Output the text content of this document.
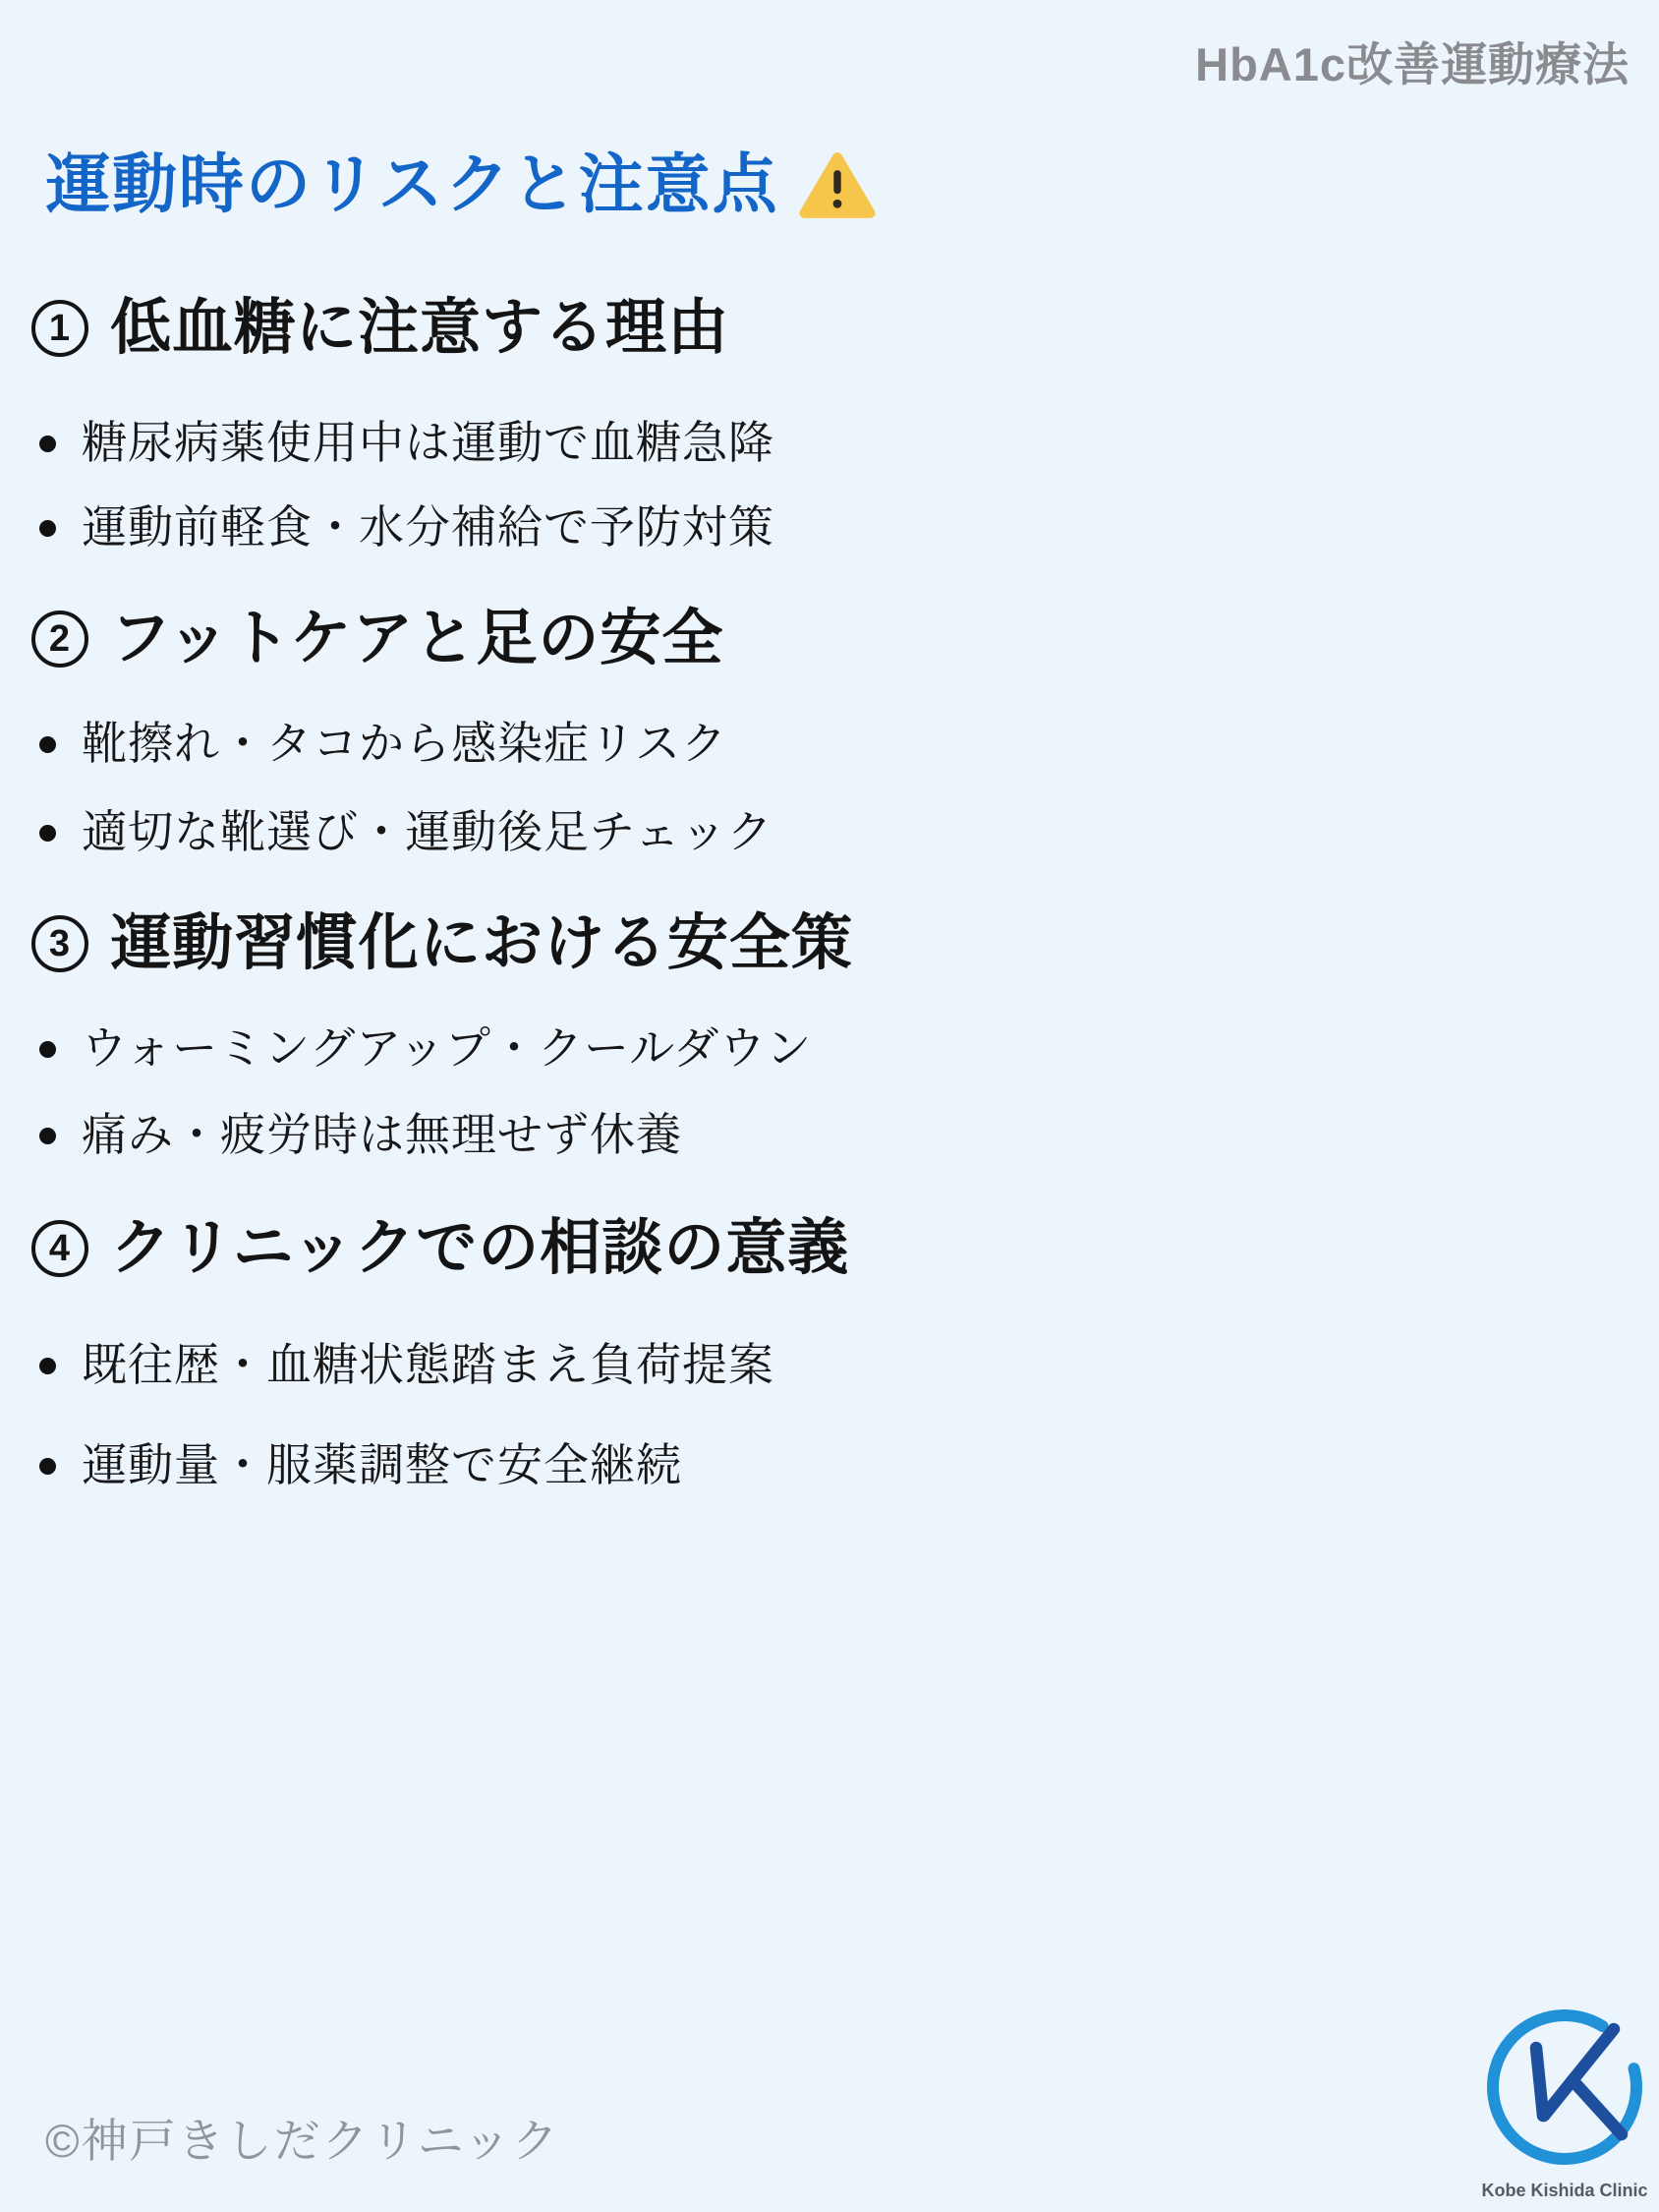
HbA1c改善運動療法
運動時のリスクと注意点
1 低血糖に注意する理由
糖尿病薬使用中は運動で血糖急降
運動前軽食・水分補給で予防対策
2 フットケアと足の安全
靴擦れ・タコから感染症リスク
適切な靴選び・運動後足チェック
3 運動習慣化における安全策
ウォーミングアップ・クールダウン
痛み・疲労時は無理せず休養
4 クリニックでの相談の意義
既往歴・血糖状態踏まえ負荷提案
運動量・服薬調整で安全継続
©神戸きしだクリニック
Kobe Kishida Clinic
